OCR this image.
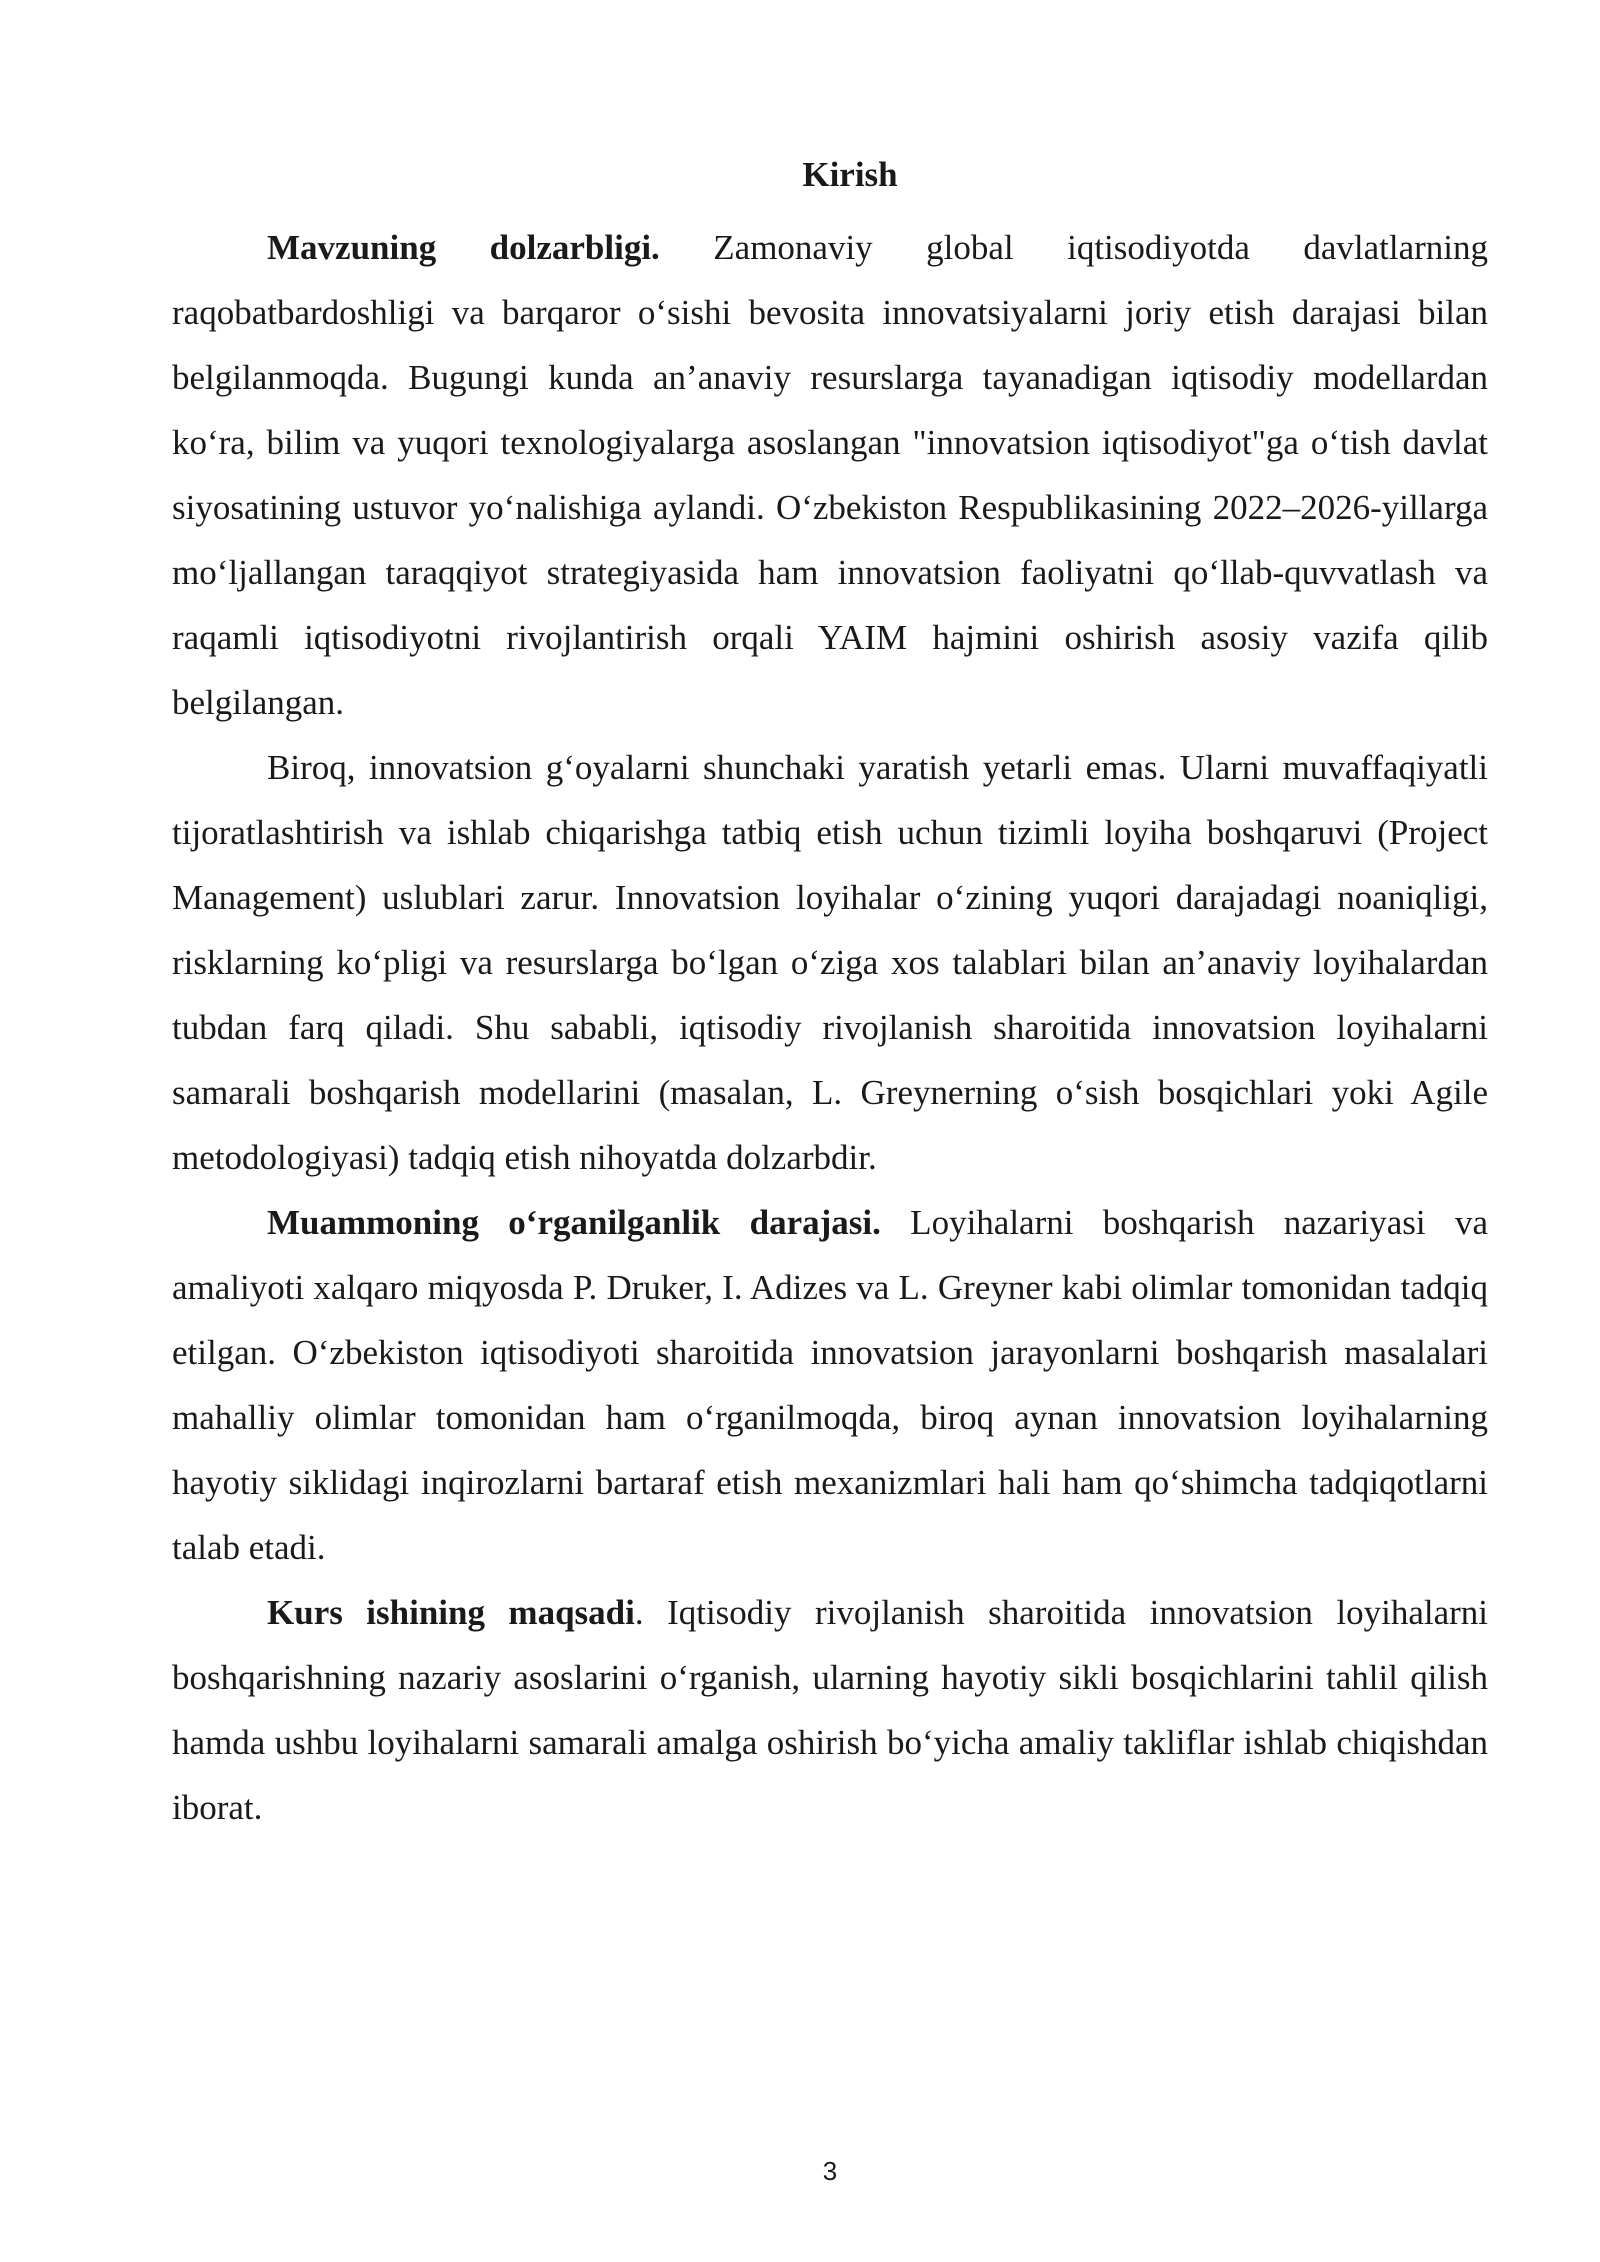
Kirish

Mavzuning dolzarbligi. Zamonaviy global iqtisodiyotda davlatlarning raqobatbardoshligi va barqaror o‘sishi bevosita innovatsiyalarni joriy etish darajasi bilan belgilanmoqda. Bugungi kunda an’anaviy resurslarga tayanadigan iqtisodiy modellardan ko‘ra, bilim va yuqori texnologiyalarga asoslangan "innovatsion iqtisodiyot"ga o‘tish davlat siyosatining ustuvor yo‘nalishiga aylandi. O‘zbekiston Respublikasining 2022–2026-yillarga mo‘ljallangan taraqqiyot strategiyasida ham innovatsion faoliyatni qo‘llab-quvvatlash va raqamli iqtisodiyotni rivojlantirish orqali YAIM hajmini oshirish asosiy vazifa qilib belgilangan.

Biroq, innovatsion g‘oyalarni shunchaki yaratish yetarli emas. Ularni muvaffaqiyatli tijoratlashtirish va ishlab chiqarishga tatbiq etish uchun tizimli loyiha boshqaruvi (Project Management) uslublari zarur. Innovatsion loyihalar o‘zining yuqori darajadagi noaniqligi, risklarning ko‘pligi va resurslarga bo‘lgan o‘ziga xos talablari bilan an’anaviy loyihalardan tubdan farq qiladi. Shu sababli, iqtisodiy rivojlanish sharoitida innovatsion loyihalarni samarali boshqarish modellarini (masalan, L. Greynerning o‘sish bosqichlari yoki Agile metodologiyasi) tadqiq etish nihoyatda dolzarbdir.

Muammoning o‘rganilganlik darajasi. Loyihalarni boshqarish nazariyasi va amaliyoti xalqaro miqyosda P. Druker, I. Adizes va L. Greyner kabi olimlar tomonidan tadqiq etilgan. O‘zbekiston iqtisodiyoti sharoitida innovatsion jarayonlarni boshqarish masalalari mahalliy olimlar tomonidan ham o‘rganilmoqda, biroq aynan innovatsion loyihalarning hayotiy siklidagi inqirozlarni bartaraf etish mexanizmlari hali ham qo‘shimcha tadqiqotlarni talab etadi.

Kurs ishining maqsadi. Iqtisodiy rivojlanish sharoitida innovatsion loyihalarni boshqarishning nazariy asoslarini o‘rganish, ularning hayotiy sikli bosqichlarini tahlil qilish hamda ushbu loyihalarni samarali amalga oshirish bo‘yicha amaliy takliflar ishlab chiqishdan iborat.

3
